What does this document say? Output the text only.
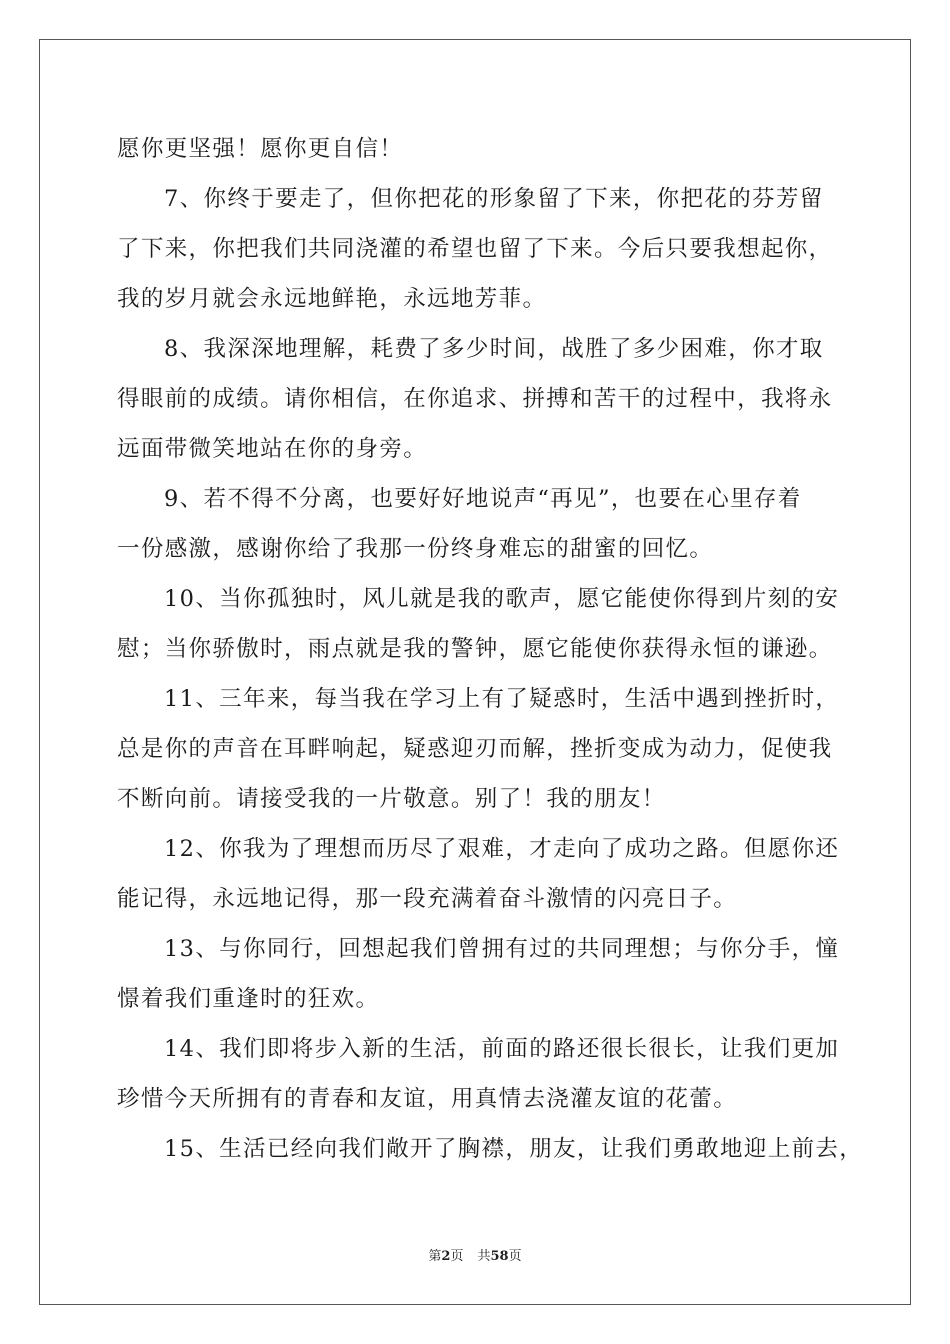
愿你更坚强！愿你更自信！
7、你终于要走了，但你把花的形象留了下来，你把花的芬芳留
了下来，你把我们共同浇灌的希望也留了下来。今后只要我想起你，
我的岁月就会永远地鲜艳，永远地芳菲。
8、我深深地理解，耗费了多少时间，战胜了多少困难，你才取
得眼前的成绩。请你相信，在你追求、拼搏和苦干的过程中，我将永
远面带微笑地站在你的身旁。
9、若不得不分离，也要好好地说声“再见”，也要在心里存着
一份感激，感谢你给了我那一份终身难忘的甜蜜的回忆。
10、当你孤独时，风儿就是我的歌声，愿它能使你得到片刻的安
慰；当你骄傲时，雨点就是我的警钟，愿它能使你获得永恒的谦逊。
11、三年来，每当我在学习上有了疑惑时，生活中遇到挫折时，
总是你的声音在耳畔响起，疑惑迎刃而解，挫折变成为动力，促使我
不断向前。请接受我的一片敬意。别了！我的朋友！
12、你我为了理想而历尽了艰难，才走向了成功之路。但愿你还
能记得，永远地记得，那一段充满着奋斗激情的闪亮日子。
13、与你同行，回想起我们曾拥有过的共同理想；与你分手，憧
憬着我们重逢时的狂欢。
14、我们即将步入新的生活，前面的路还很长很长，让我们更加
珍惜今天所拥有的青春和友谊，用真情去浇灌友谊的花蕾。
15、生活已经向我们敞开了胸襟，朋友，让我们勇敢地迎上前去，
第2页 共58页
